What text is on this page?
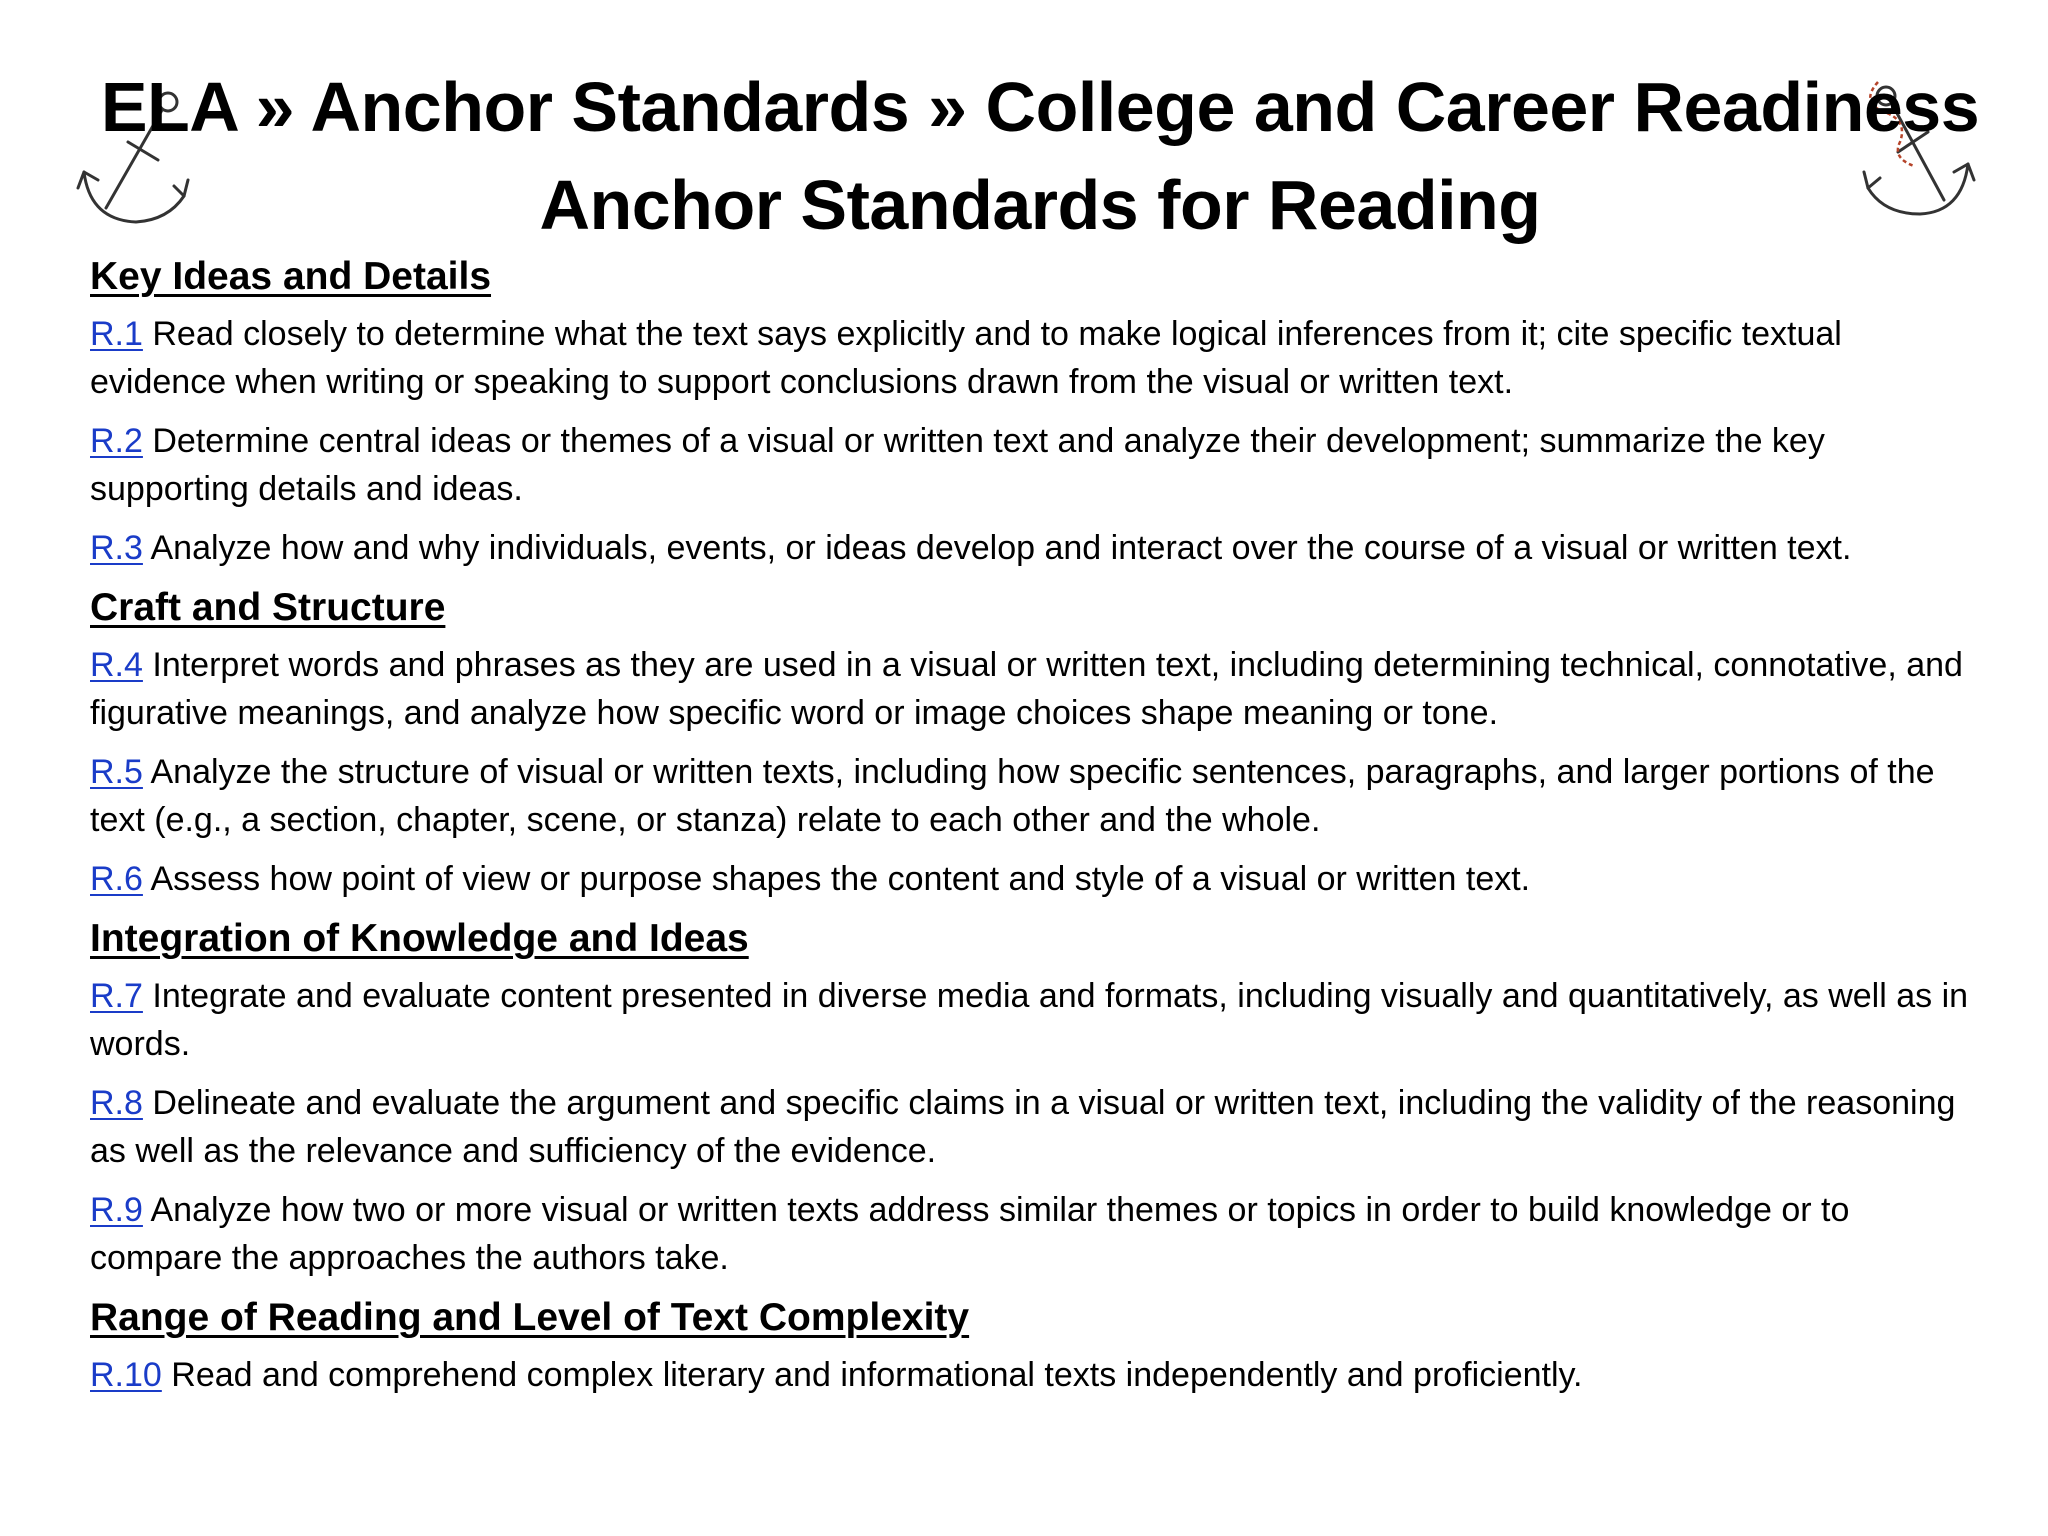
ELA » Anchor Standards » College and Career Readiness
Anchor Standards for Reading
Key Ideas and Details
R.1 Read closely to determine what the text says explicitly and to make logical inferences from it; cite specific textual evidence when writing or speaking to support conclusions drawn from the visual or written text.
R.2 Determine central ideas or themes of a visual or written text and analyze their development; summarize the key supporting details and ideas.
R.3 Analyze how and why individuals, events, or ideas develop and interact over the course of a visual or written text.
Craft and Structure
R.4 Interpret words and phrases as they are used in a visual or written text, including determining technical, connotative, and figurative meanings, and analyze how specific word or image choices shape meaning or tone.
R.5 Analyze the structure of visual or written texts, including how specific sentences, paragraphs, and larger portions of the text (e.g., a section, chapter, scene, or stanza) relate to each other and the whole.
R.6 Assess how point of view or purpose shapes the content and style of a visual or written text.
Integration of Knowledge and Ideas
R.7 Integrate and evaluate content presented in diverse media and formats, including visually and quantitatively, as well as in words.
R.8 Delineate and evaluate the argument and specific claims in a visual or written text, including the validity of the reasoning as well as the relevance and sufficiency of the evidence.
R.9 Analyze how two or more visual or written texts address similar themes or topics in order to build knowledge or to compare the approaches the authors take.
Range of Reading and Level of Text Complexity
R.10 Read and comprehend complex literary and informational texts independently and proficiently.
